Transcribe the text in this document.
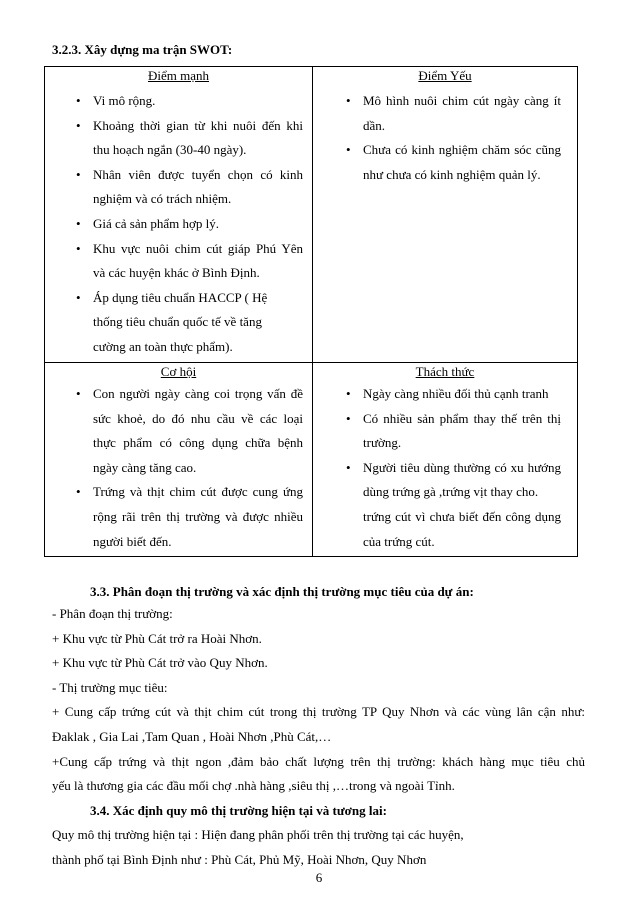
3.2.3. Xây dựng ma trận SWOT:
Điểm mạnh
• Vi mô rộng.
• Khoảng thời gian từ khi nuôi đến khi
thu hoạch ngắn (30-40 ngày).
• Nhân viên được tuyển chọn có kinh
nghiệm và có trách nhiệm.
• Giá cả sản phẩm hợp lý.
• Khu vực nuôi chim cút giáp Phú Yên
và các huyện khác ở Bình Định.
• Áp dụng tiêu chuẩn HACCP ( Hệ
thống tiêu chuẩn quốc tế về tăng
cường an toàn thực phẩm).
Điểm Yếu
• Mô hình nuôi chim cút ngày càng ít
dần.
• Chưa có kinh nghiệm chăm sóc cũng
như chưa có kinh nghiệm quản lý.
Cơ hội
• Con người ngày càng coi trọng vấn đề
sức khoẻ, do đó nhu cầu về các loại
thực phẩm có công dụng chữa bệnh
ngày càng tăng cao.
• Trứng và thịt chim cút được cung ứng
rộng rãi trên thị trường và được nhiều
người biết đến.
Thách thức
• Ngày càng nhiều đối thủ cạnh tranh
• Có nhiều sản phẩm thay thế trên thị
trường.
• Người tiêu dùng thường có xu hướng
dùng trứng gà ,trứng vịt thay cho.
trứng cút vì chưa biết đến công dụng
của trứng cút.
3.3. Phân đoạn thị trường và xác định thị trường mục tiêu của dự án:
- Phân đoạn thị trường:
+ Khu vực từ Phù Cát trở ra Hoài Nhơn.
+ Khu vực từ Phù Cát trở vào Quy Nhơn.
- Thị trường mục tiêu:
+ Cung cấp trứng cút và thịt chim cút trong thị trường TP Quy Nhơn và các vùng lân cận như:
Đaklak , Gia Lai ,Tam Quan , Hoài Nhơn ,Phù Cát,…
+Cung cấp trứng và thịt ngon ,đảm bảo chất lượng trên thị trường: khách hàng mục tiêu chủ
yếu là thương gia các đầu mối chợ .nhà hàng ,siêu thị ,…trong và ngoài Tỉnh.
3.4. Xác định quy mô thị trường hiện tại và tương lai:
Quy mô thị trường hiện tại : Hiện đang phân phối trên thị trường tại các huyện,
thành phố tại Bình Định như : Phù Cát, Phủ Mỹ, Hoài Nhơn, Quy Nhơn
6
